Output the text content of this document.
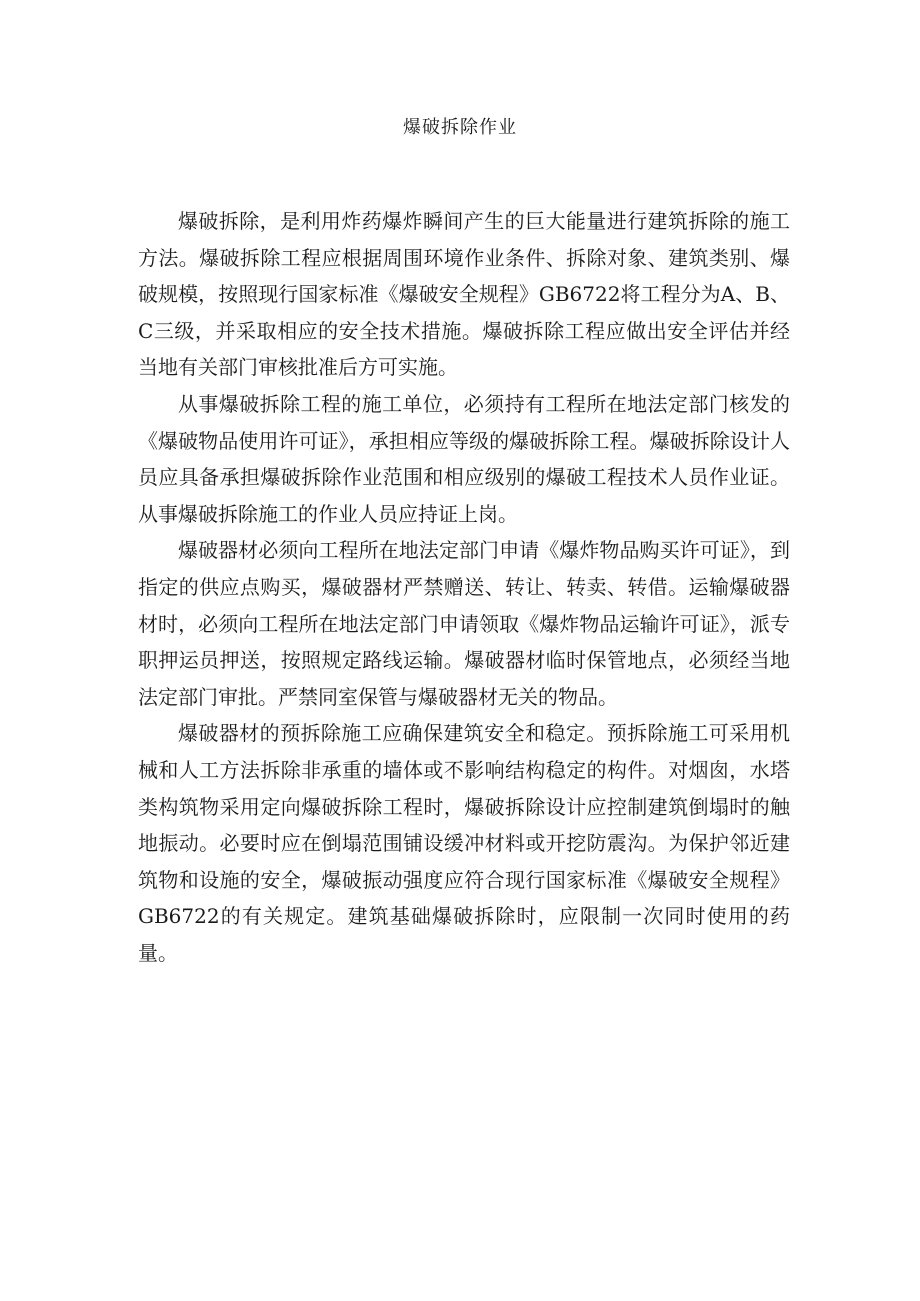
爆破拆除作业

爆破拆除，是利用炸药爆炸瞬间产生的巨大能量进行建筑拆除的施工方法。爆破拆除工程应根据周围环境作业条件、拆除对象、建筑类别、爆破规模，按照现行国家标准《爆破安全规程》GB6722将工程分为A、B、C三级，并采取相应的安全技术措施。爆破拆除工程应做出安全评估并经当地有关部门审核批准后方可实施。

从事爆破拆除工程的施工单位，必须持有工程所在地法定部门核发的《爆破物品使用许可证》，承担相应等级的爆破拆除工程。爆破拆除设计人员应具备承担爆破拆除作业范围和相应级别的爆破工程技术人员作业证。从事爆破拆除施工的作业人员应持证上岗。

爆破器材必须向工程所在地法定部门申请《爆炸物品购买许可证》，到指定的供应点购买，爆破器材严禁赠送、转让、转卖、转借。运输爆破器材时，必须向工程所在地法定部门申请领取《爆炸物品运输许可证》，派专职押运员押送，按照规定路线运输。爆破器材临时保管地点，必须经当地法定部门审批。严禁同室保管与爆破器材无关的物品。

爆破器材的预拆除施工应确保建筑安全和稳定。预拆除施工可采用机械和人工方法拆除非承重的墙体或不影响结构稳定的构件。对烟囱，水塔类构筑物采用定向爆破拆除工程时，爆破拆除设计应控制建筑倒塌时的触地振动。必要时应在倒塌范围铺设缓冲材料或开挖防震沟。为保护邻近建筑物和设施的安全，爆破振动强度应符合现行国家标准《爆破安全规程》GB6722的有关规定。建筑基础爆破拆除时，应限制一次同时使用的药量。
